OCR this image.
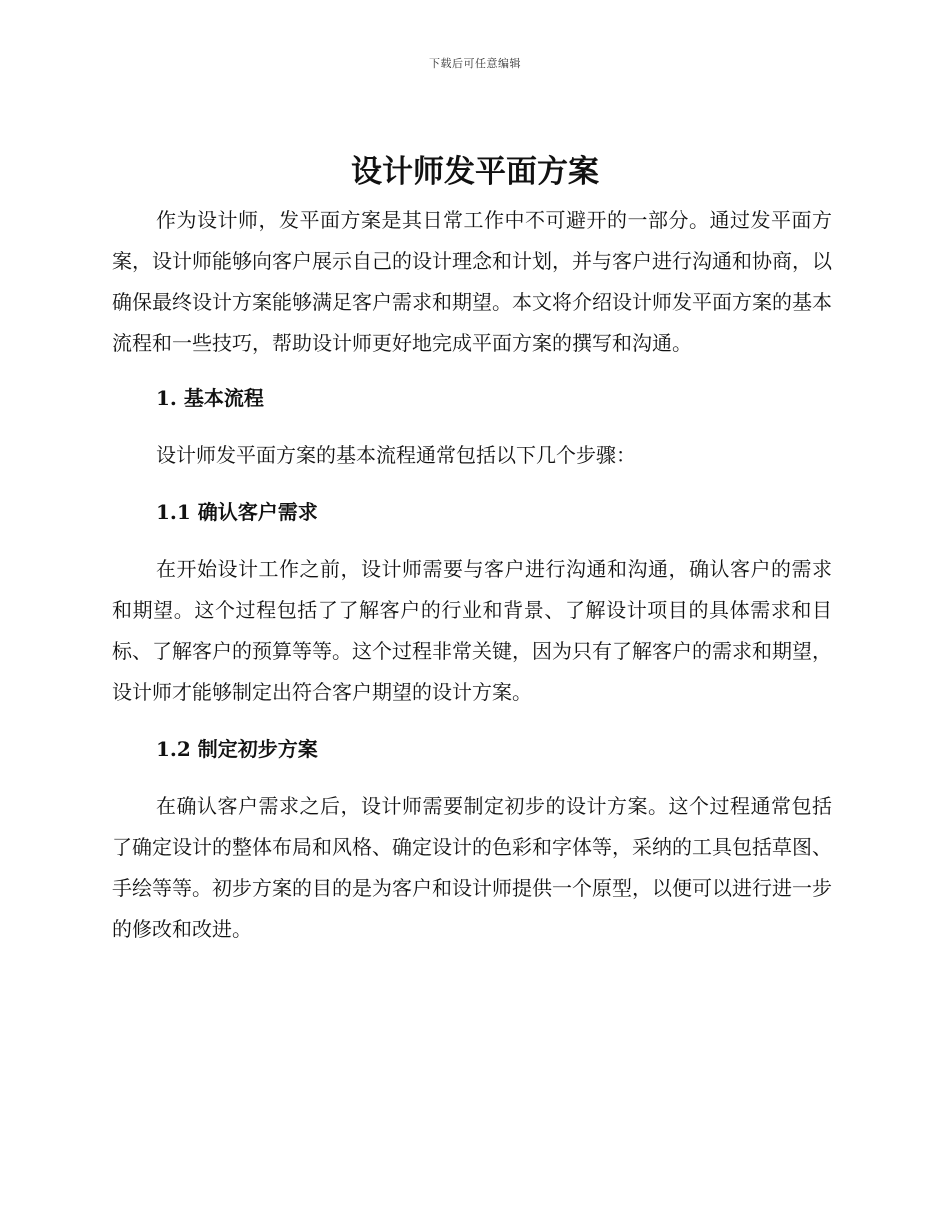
下载后可任意编辑
设计师发平面方案

作为设计师，发平面方案是其日常工作中不可避开的一部分。通过发平面方案，设计师能够向客户展示自己的设计理念和计划，并与客户进行沟通和协商，以确保最终设计方案能够满足客户需求和期望。本文将介绍设计师发平面方案的基本流程和一些技巧，帮助设计师更好地完成平面方案的撰写和沟通。

1. 基本流程

设计师发平面方案的基本流程通常包括以下几个步骤：

1.1 确认客户需求

在开始设计工作之前，设计师需要与客户进行沟通和沟通，确认客户的需求和期望。这个过程包括了了解客户的行业和背景、了解设计项目的具体需求和目标、了解客户的预算等等。这个过程非常关键，因为只有了解客户的需求和期望，设计师才能够制定出符合客户期望的设计方案。

1.2 制定初步方案

在确认客户需求之后，设计师需要制定初步的设计方案。这个过程通常包括了确定设计的整体布局和风格、确定设计的色彩和字体等，采纳的工具包括草图、手绘等等。初步方案的目的是为客户和设计师提供一个原型，以便可以进行进一步的修改和改进。
